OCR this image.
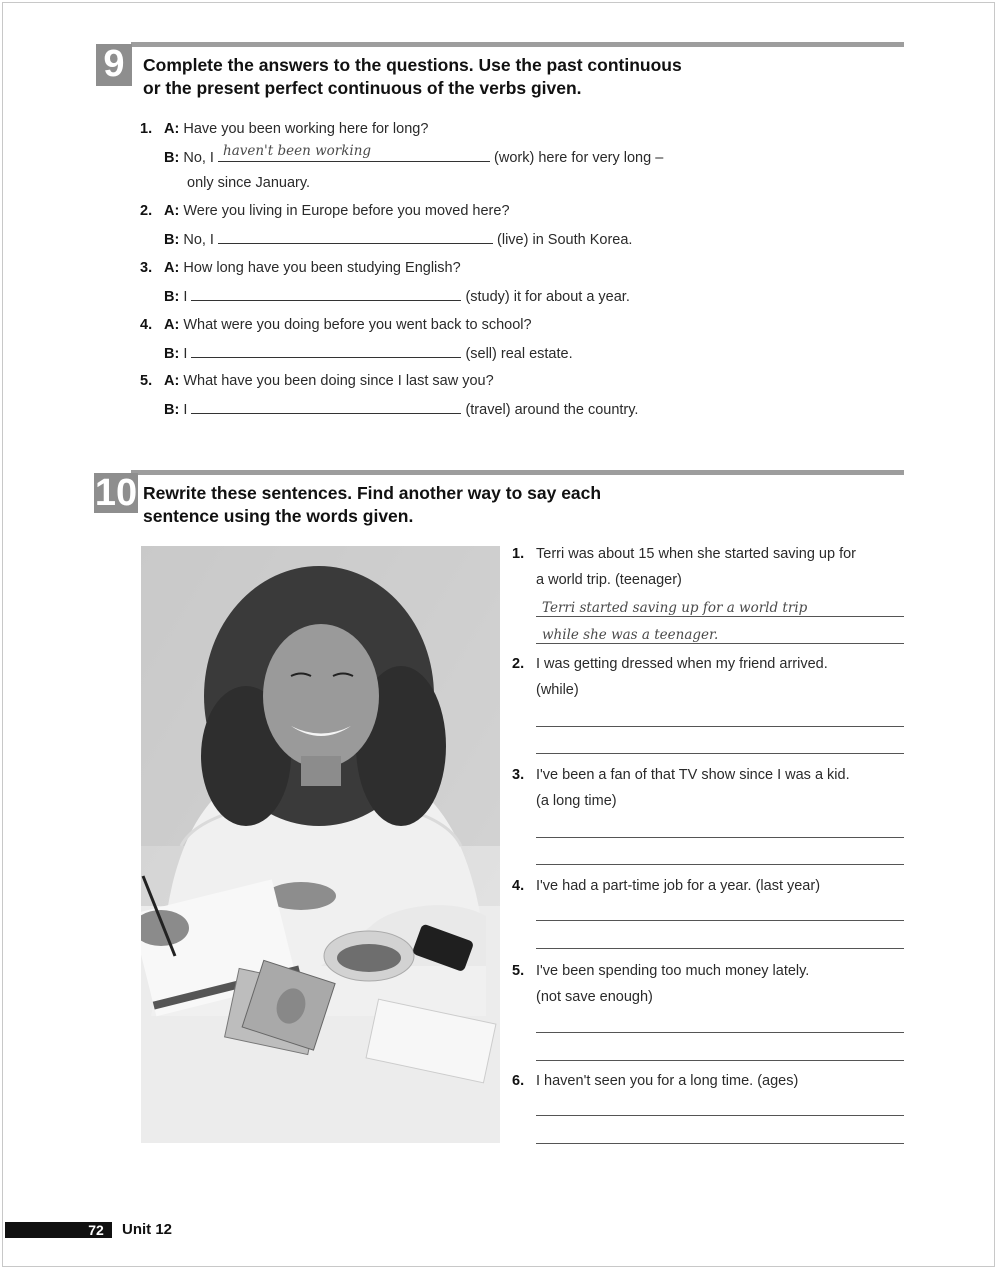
9	Complete the answers to the questions. Use the past continuous
or the present perfect continuous of the verbs given.

1. A: Have you been working here for long?
B: No, I haven't been working	(work) here for very long –
only since January.
2. A: Were you living in Europe before you moved here?
B: No, I	(live) in South Korea.
3. A: How long have you been studying English?
B: I	(study) it for about a year.
4. A: What were you doing before you went back to school?
B: I	(sell) real estate.
5. A: What have you been doing since I last saw you?
B: I	(travel) around the country.
10 Rewrite these sentences. Find another way to say each
sentence using the words given.

1. Terri was about 15 when she started saving up for
a world trip. (teenager)
Terri started saving up for a world trip
while she was a teenager.
2. I was getting dressed when my friend arrived.
(while)
3. I've been a fan of that TV show since I was a kid.
(a long time)
4. I've had a part-time job for a year. (last year)
5. I've been spending too much money lately.
(not save enough)
6. I haven't seen you for a long time. (ages)
72	Unit 12
